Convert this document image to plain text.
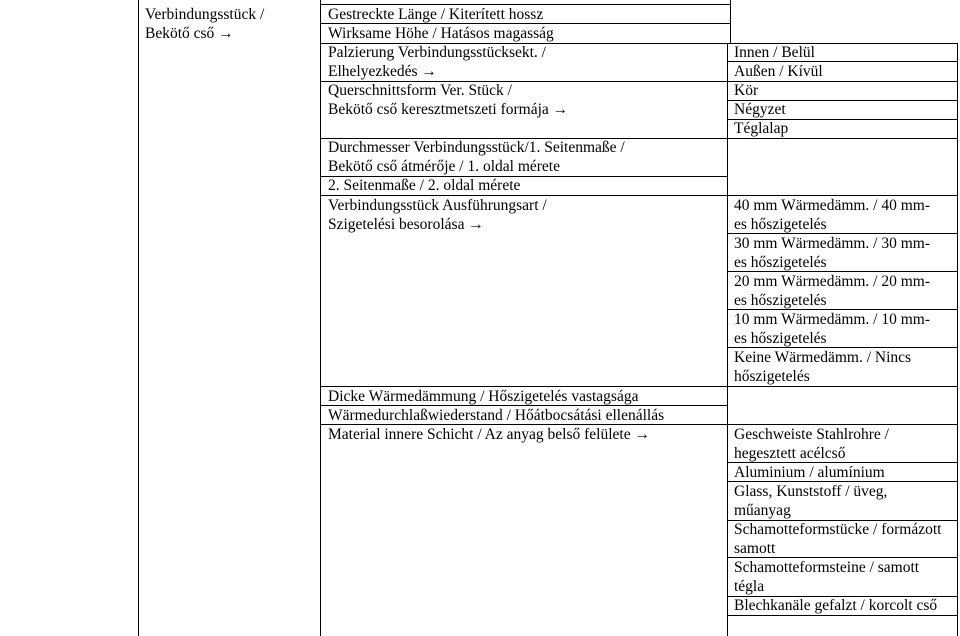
Verbindungsstück /
Bekötő cső →
Gestreckte Länge / Kiterített hossz
Wirksame Höhe / Hatásos magasság
Palzierung Verbindungsstücksekt. /
Elhelyezkedés →
Querschnittsform Ver. Stück /
Bekötő cső keresztmetszeti formája →
Durchmesser Verbindungsstück/1. Seitenmaße /
Bekötő cső átmérője / 1. oldal mérete
2. Seitenmaße / 2. oldal mérete
Verbindungsstück Ausführungsart /
Szigetelési besorolása →
Dicke Wärmedämmung / Hőszigetelés vastagsága
Wärmedurchlaßwiederstand / Hőátbocsátási ellenállás
Material innere Schicht / Az anyag belső felülete →
Innen / Belül
Außen / Kívül
Kör
Négyzet
Téglalap
40 mm Wärmedämm. / 40 mm-
es hőszigetelés
30 mm Wärmedämm. / 30 mm-
es hőszigetelés
20 mm Wärmedämm. / 20 mm-
es hőszigetelés
10 mm Wärmedämm. / 10 mm-
es hőszigetelés
Keine Wärmedämm. / Nincs
hőszigetelés
Geschweiste Stahlrohre /
hegesztett acélcső
Aluminium / alumínium
Glass, Kunststoff / üveg,
műanyag
Schamotteformstücke / formázott
samott
Schamotteformsteine / samott
tégla
Blechkanäle gefalzt / korcolt cső
